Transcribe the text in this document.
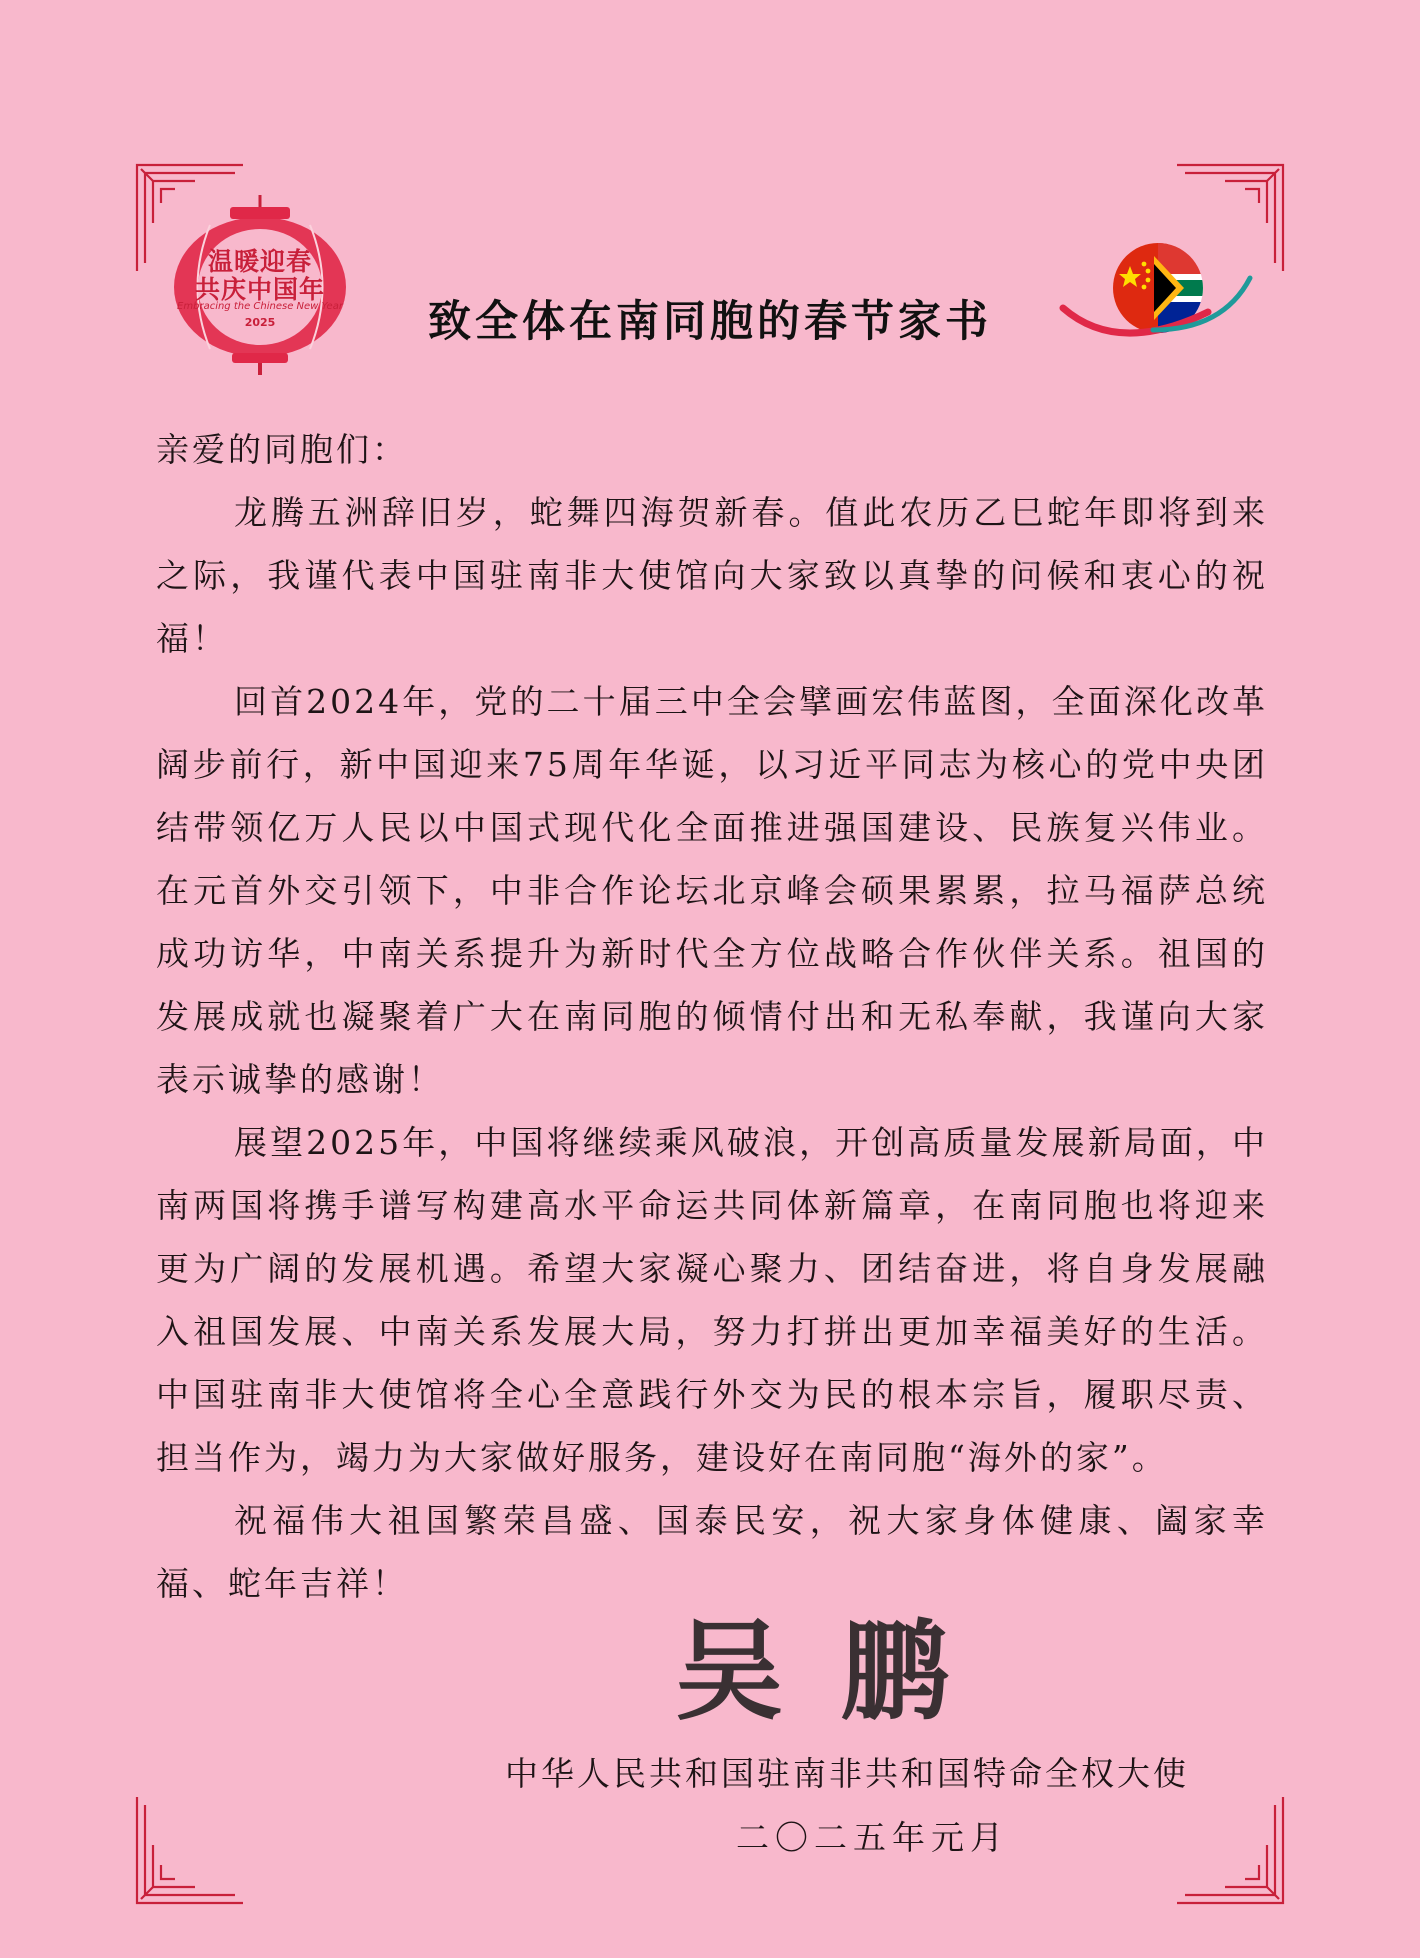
温暖迎春
共庆中国年
Embracing the Chinese New Year
2025	致全体在南同胞的春节家书

亲爱的同胞们：

龙腾五洲辞旧岁，蛇舞四海贺新春。值此农历乙巳蛇年即将到来之际，我谨代表中国驻南非大使馆向大家致以真挚的问候和衷心的祝福！

回首2024年，党的二十届三中全会擘画宏伟蓝图，全面深化改革阔步前行，新中国迎来75周年华诞，以习近平同志为核心的党中央团结带领亿万人民以中国式现代化全面推进强国建设、民族复兴伟业。在元首外交引领下，中非合作论坛北京峰会硕果累累，拉马福萨总统成功访华，中南关系提升为新时代全方位战略合作伙伴关系。祖国的发展成就也凝聚着广大在南同胞的倾情付出和无私奉献，我谨向大家表示诚挚的感谢！

展望2025年，中国将继续乘风破浪，开创高质量发展新局面，中南两国将携手谱写构建高水平命运共同体新篇章，在南同胞也将迎来更为广阔的发展机遇。希望大家凝心聚力、团结奋进，将自身发展融入祖国发展、中南关系发展大局，努力打拼出更加幸福美好的生活。中国驻南非大使馆将全心全意践行外交为民的根本宗旨，履职尽责、担当作为，竭力为大家做好服务，建设好在南同胞“海外的家”。

祝福伟大祖国繁荣昌盛、国泰民安，祝大家身体健康、阖家幸福、蛇年吉祥！

吴鹏
中华人民共和国驻南非共和国特命全权大使
二〇二五年元月
